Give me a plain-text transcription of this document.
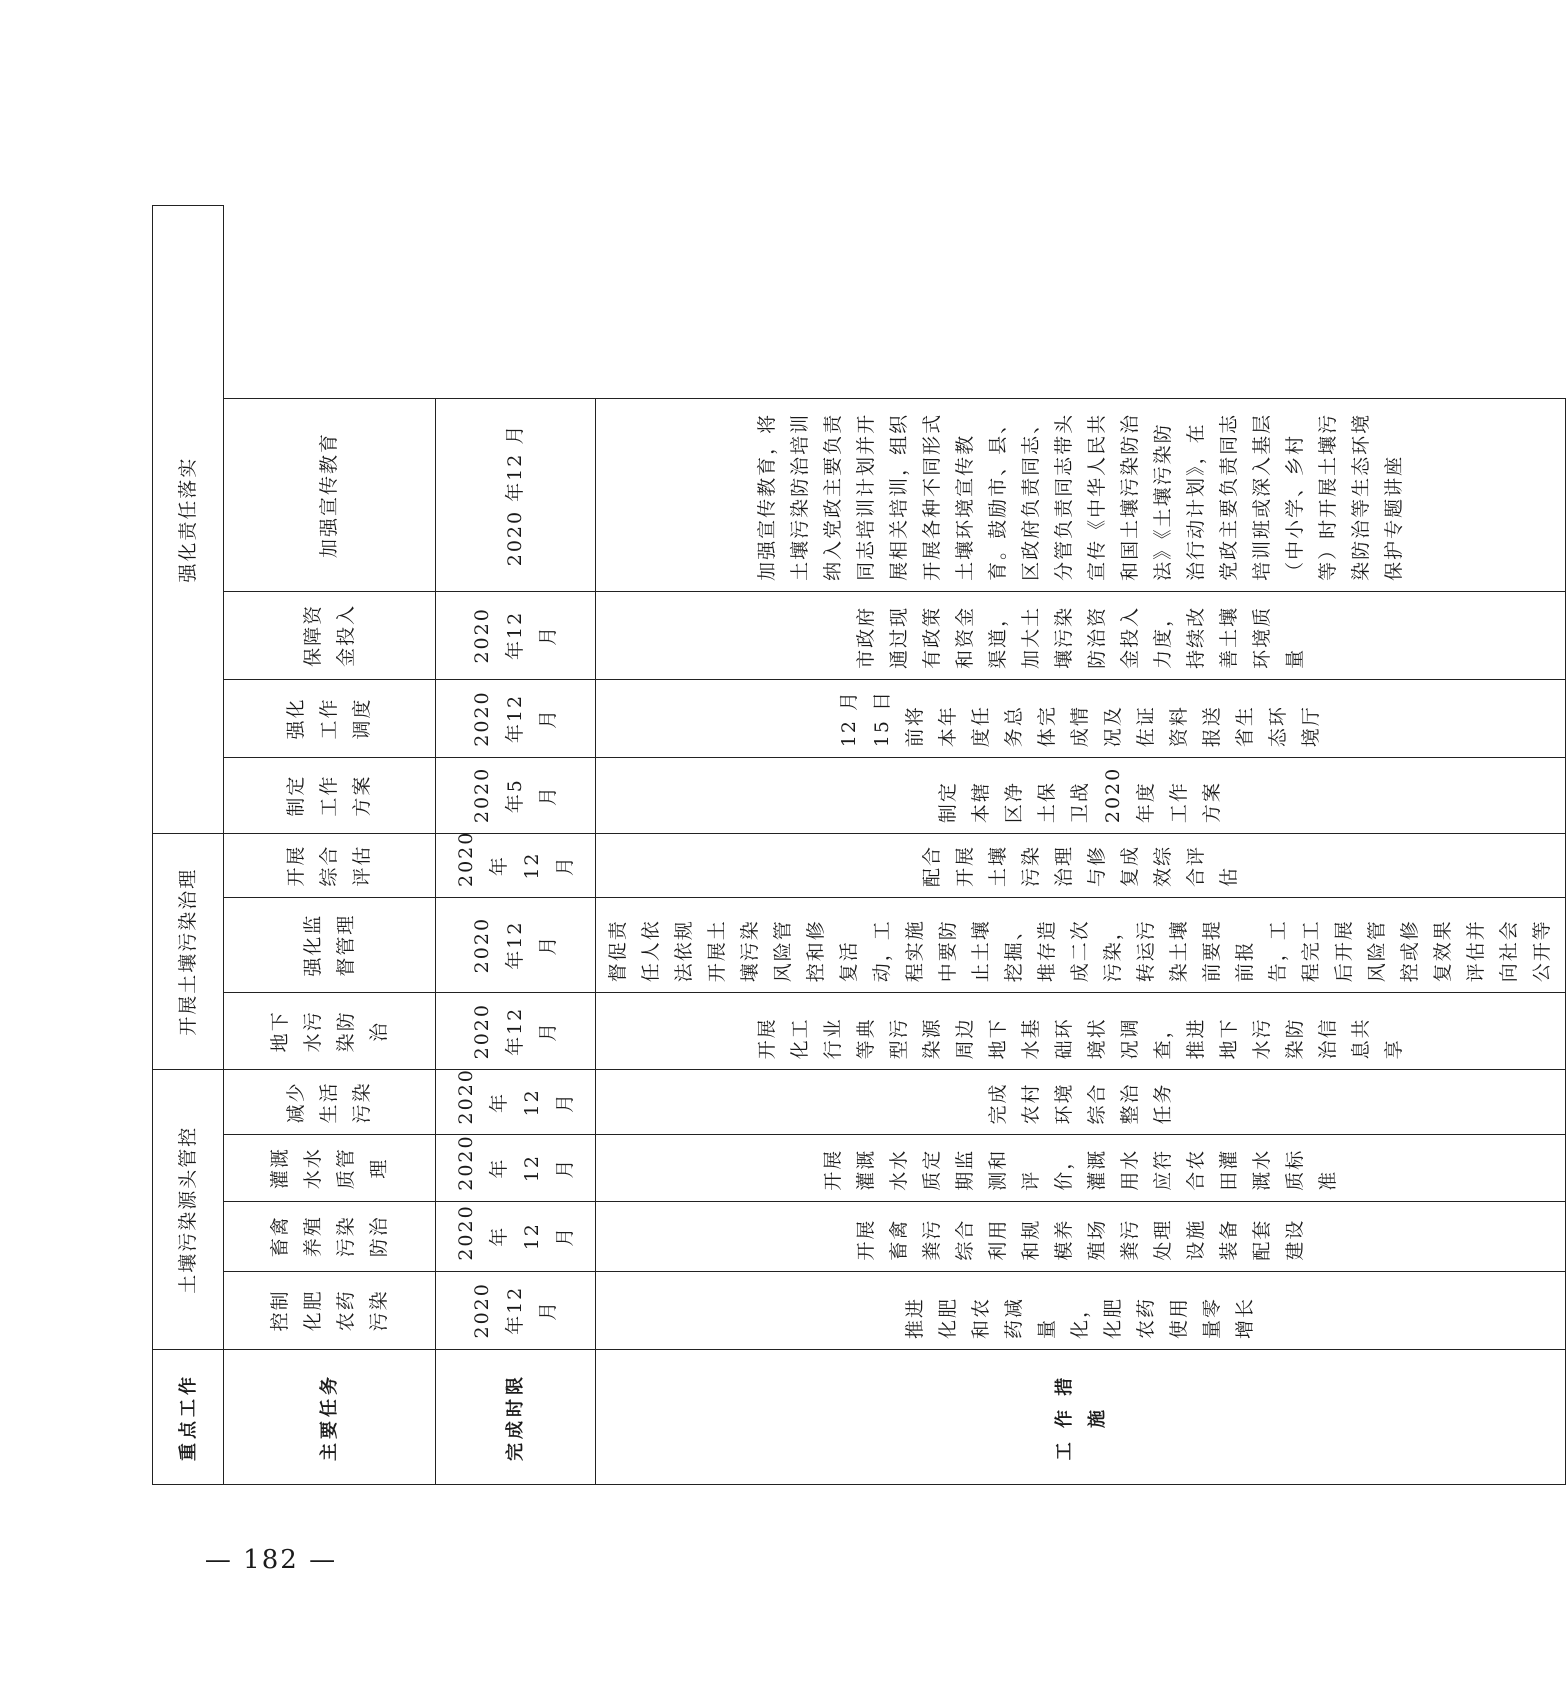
重点工作	土壤污染源头管控				开展土壤污染治理			强化责任落实			
主要任务	控制化肥农药污染	畜禽养殖污染防治	灌溉水水质管理	减少生活污染	地下水污染防治	强化监督管理	开展综合评估	制定工作方案	强化工作调度	保障资金投入	加强宣传教育
完成时限	2020 年12 月	2020 年12 月	2020 年12 月	2020 年12 月	2020 年12 月	2020 年12 月	2020 年12 月	2020 年5 月	2020 年12 月	2020 年12 月	2020 年12 月
工 作 措 施	推进化肥和农药减量化，化肥农药使用量零增长	开展畜禽粪污综合利用和规模养殖场粪污处理设施装备配套建设	开展灌溉水水质定期监测和评价，灌溉用水应符合农田灌溉水质标准	完成农村环境综合整治任务	开展化工行业等典型污染源周边地下水基础环境状况调查，推进地下水污染防治信息共享	督促责任人依法依规开展土壤污染风险管控和修复活动，工程实施中要防止土壤挖掘、堆存造成二次污染，转运污染土壤前要提前报告，工程完工后开展风险管控或修复效果评估并向社会公开等	配合开展土壤污染治理与修复成效综合评估	制定本辖区净土保卫战2020 年度工作方案	12 月15 日前将本年度任务总体完成情况及佐证资料报送省生态环境厅	市政府通过现有政策和资金渠道，加大土壤污染防治资金投入力度，持续改善土壤环境质量	加强宣传教育，将土壤污染防治培训纳入党政主要负责同志培训计划并开展相关培训，组织开展各种不同形式土壤环境宣传教育。鼓励市、县、区政府负责同志、分管负责同志带头宣传《中华人民共和国土壤污染防治法》《土壤污染防治行动计划》，在党政主要负责同志培训班或深入基层（中小学、乡村等）时开展土壤污染防治等生态环境保护专题讲座
— 182 —
